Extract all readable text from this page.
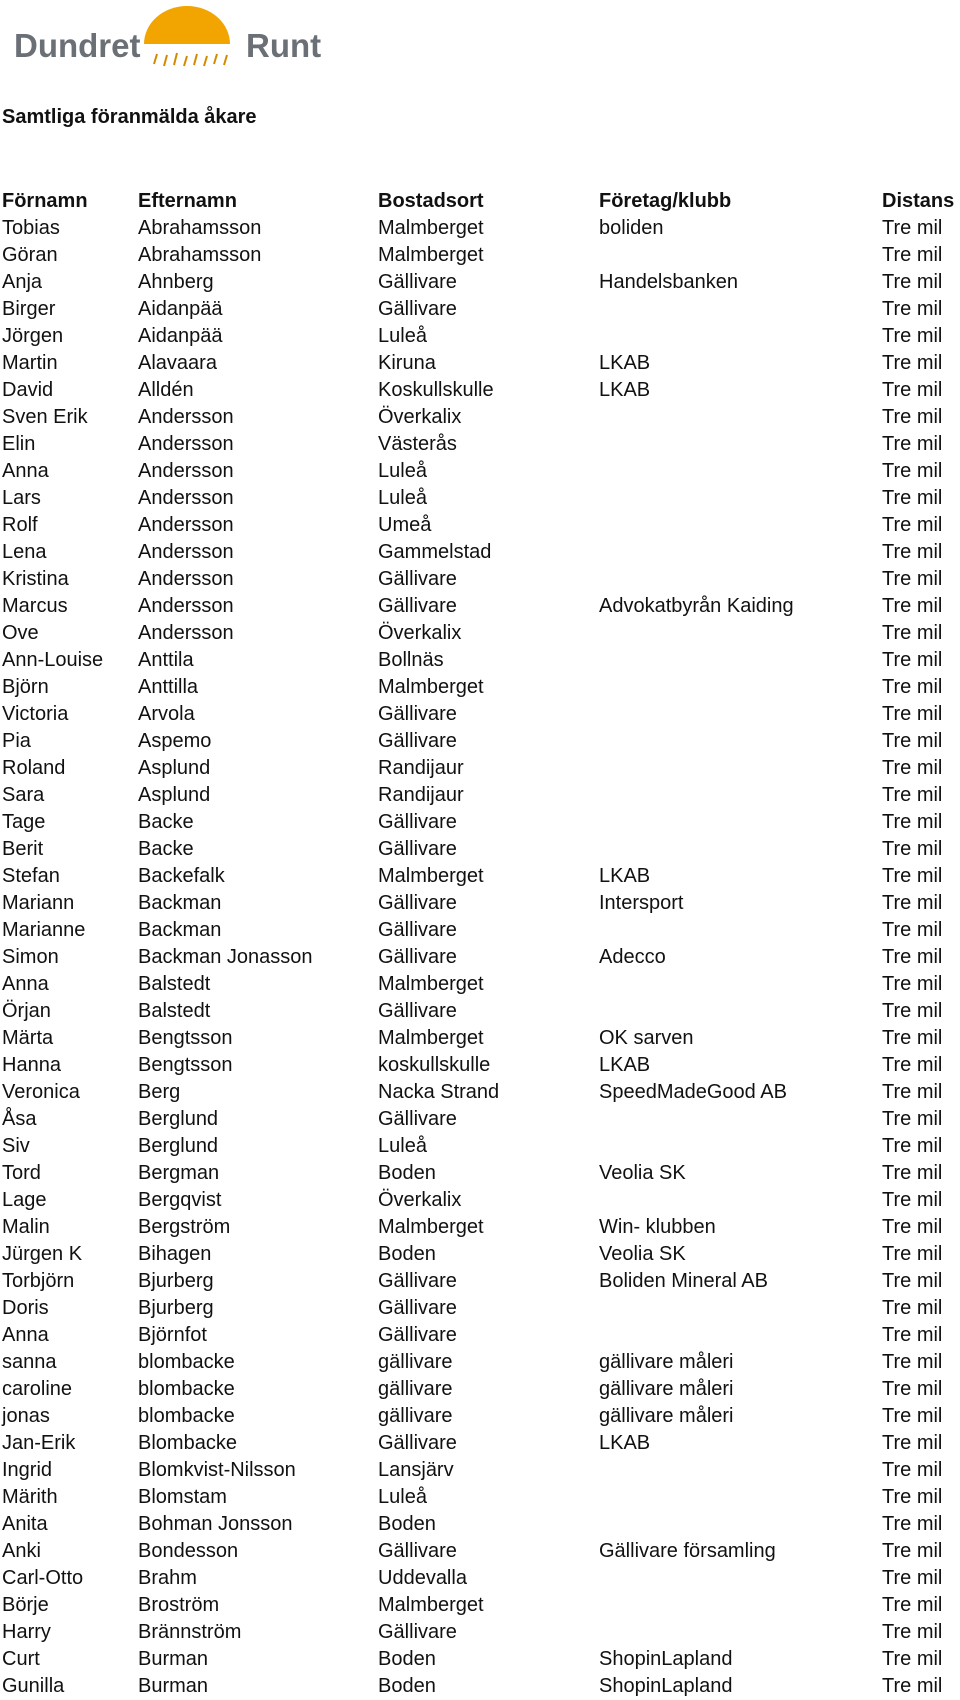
Dundret	Runt
Samtliga föranmälda åkare
Förnamn	Efternamn	Bostadsort	Företag/klubb	Distans
Tobias	Abrahamsson	Malmberget	boliden	Tre mil
Göran	Abrahamsson	Malmberget		Tre mil
Anja	Ahnberg	Gällivare	Handelsbanken	Tre mil
Birger	Aidanpää	Gällivare		Tre mil
Jörgen	Aidanpää	Luleå		Tre mil
Martin	Alavaara	Kiruna	LKAB	Tre mil
David	Alldén	Koskullskulle	LKAB	Tre mil
Sven Erik	Andersson	Överkalix		Tre mil
Elin	Andersson	Västerås		Tre mil
Anna	Andersson	Luleå		Tre mil
Lars	Andersson	Luleå		Tre mil
Rolf	Andersson	Umeå		Tre mil
Lena	Andersson	Gammelstad		Tre mil
Kristina	Andersson	Gällivare		Tre mil
Marcus	Andersson	Gällivare	Advokatbyrån Kaiding	Tre mil
Ove	Andersson	Överkalix		Tre mil
Ann-Louise	Anttila	Bollnäs		Tre mil
Björn	Anttilla	Malmberget		Tre mil
Victoria	Arvola	Gällivare		Tre mil
Pia	Aspemo	Gällivare		Tre mil
Roland	Asplund	Randijaur		Tre mil
Sara	Asplund	Randijaur		Tre mil
Tage	Backe	Gällivare		Tre mil
Berit	Backe	Gällivare		Tre mil
Stefan	Backefalk	Malmberget	LKAB	Tre mil
Mariann	Backman	Gällivare	Intersport	Tre mil
Marianne	Backman	Gällivare		Tre mil
Simon	Backman Jonasson	Gällivare	Adecco	Tre mil
Anna	Balstedt	Malmberget		Tre mil
Örjan	Balstedt	Gällivare		Tre mil
Märta	Bengtsson	Malmberget	OK sarven	Tre mil
Hanna	Bengtsson	koskullskulle	LKAB	Tre mil
Veronica	Berg	Nacka Strand	SpeedMadeGood AB	Tre mil
Åsa	Berglund	Gällivare		Tre mil
Siv	Berglund	Luleå		Tre mil
Tord	Bergman	Boden	Veolia SK	Tre mil
Lage	Bergqvist	Överkalix		Tre mil
Malin	Bergström	Malmberget	Win- klubben	Tre mil
Jürgen K	Bihagen	Boden	Veolia SK	Tre mil
Torbjörn	Bjurberg	Gällivare	Boliden Mineral AB	Tre mil
Doris	Bjurberg	Gällivare		Tre mil
Anna	Björnfot	Gällivare		Tre mil
sanna	blombacke	gällivare	gällivare måleri	Tre mil
caroline	blombacke	gällivare	gällivare måleri	Tre mil
jonas	blombacke	gällivare	gällivare måleri	Tre mil
Jan-Erik	Blombacke	Gällivare	LKAB	Tre mil
Ingrid	Blomkvist-Nilsson	Lansjärv		Tre mil
Märith	Blomstam	Luleå		Tre mil
Anita	Bohman Jonsson	Boden		Tre mil
Anki	Bondesson	Gällivare	Gällivare församling	Tre mil
Carl-Otto	Brahm	Uddevalla		Tre mil
Börje	Broström	Malmberget		Tre mil
Harry	Brännström	Gällivare		Tre mil
Curt	Burman	Boden	ShopinLapland	Tre mil
Gunilla	Burman	Boden	ShopinLapland	Tre mil
